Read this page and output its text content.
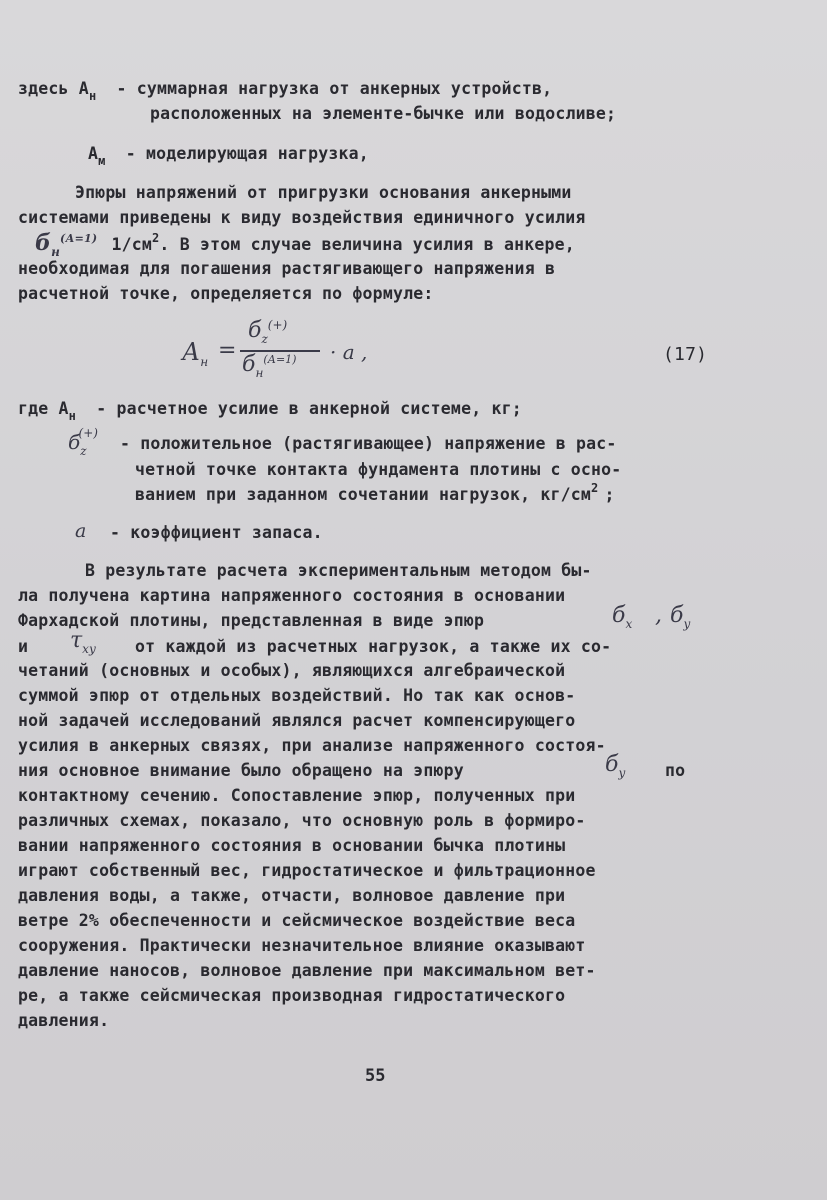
здесь $А_н$ - суммарная нагрузка от анкерных устройств,
расположенных на элементе-бычке или водосливе;
$А_м$ - моделирующая нагрузка,
Эпюры напряжений от пригрузки основания анкерными
системами приведены к виду воздействия единичного усилия
$б_н^{(А=1)}$ $1/см^2$. В этом случае величина усилия в анкере,
необходимая для погашения растягивающего напряжения в
расчетной точке, определяется по формуле:
$А_н$ =
$б_z^{(+)}$
$б_н^{(А=1)} \cdot a$ ,	(17)
где $А_н$ - расчетное усилие в анкерной системе, кг;
$б_z^{(+)}$
- положительное (растягивающее) напряжение в рас-
четной точке контакта фундамента плотины с осно-
ванием при заданном сочетании нагрузок, $кг/см^2$ ;
a - коэффициент запаса.
В результате расчета экспериментальным методом бы-
ла получена картина напряженного состояния в основании
Фархадской плотины, представленная в виде эпюр	$б_x$ , $б_y$
и $\tau_{xy}$ от каждой из расчетных нагрузок, а также их со-
четаний (основных и особых), являющихся алгебраической
суммой эпюр от отдельных воздействий. Но так как основ-
ной задачей исследований являлся расчет компенсирующего
усилия в анкерных связях, при анализе напряженного состоя-
ния основное внимание было обращено на эпюру	$б_y$ по
контактному сечению. Сопоставление эпюр, полученных при
различных схемах, показало, что основную роль в формиро-
вании напряженного состояния в основании бычка плотины
играют собственный вес, гидростатическое и фильтрационное
давления воды, а также, отчасти, волновое давление при
ветре 2% обеспеченности и сейсмическое воздействие веса
сооружения. Практически незначительное влияние оказывают
давление наносов, волновое давление при максимальном вет-
ре, а также сейсмическая производная гидростатического
давления.
55
